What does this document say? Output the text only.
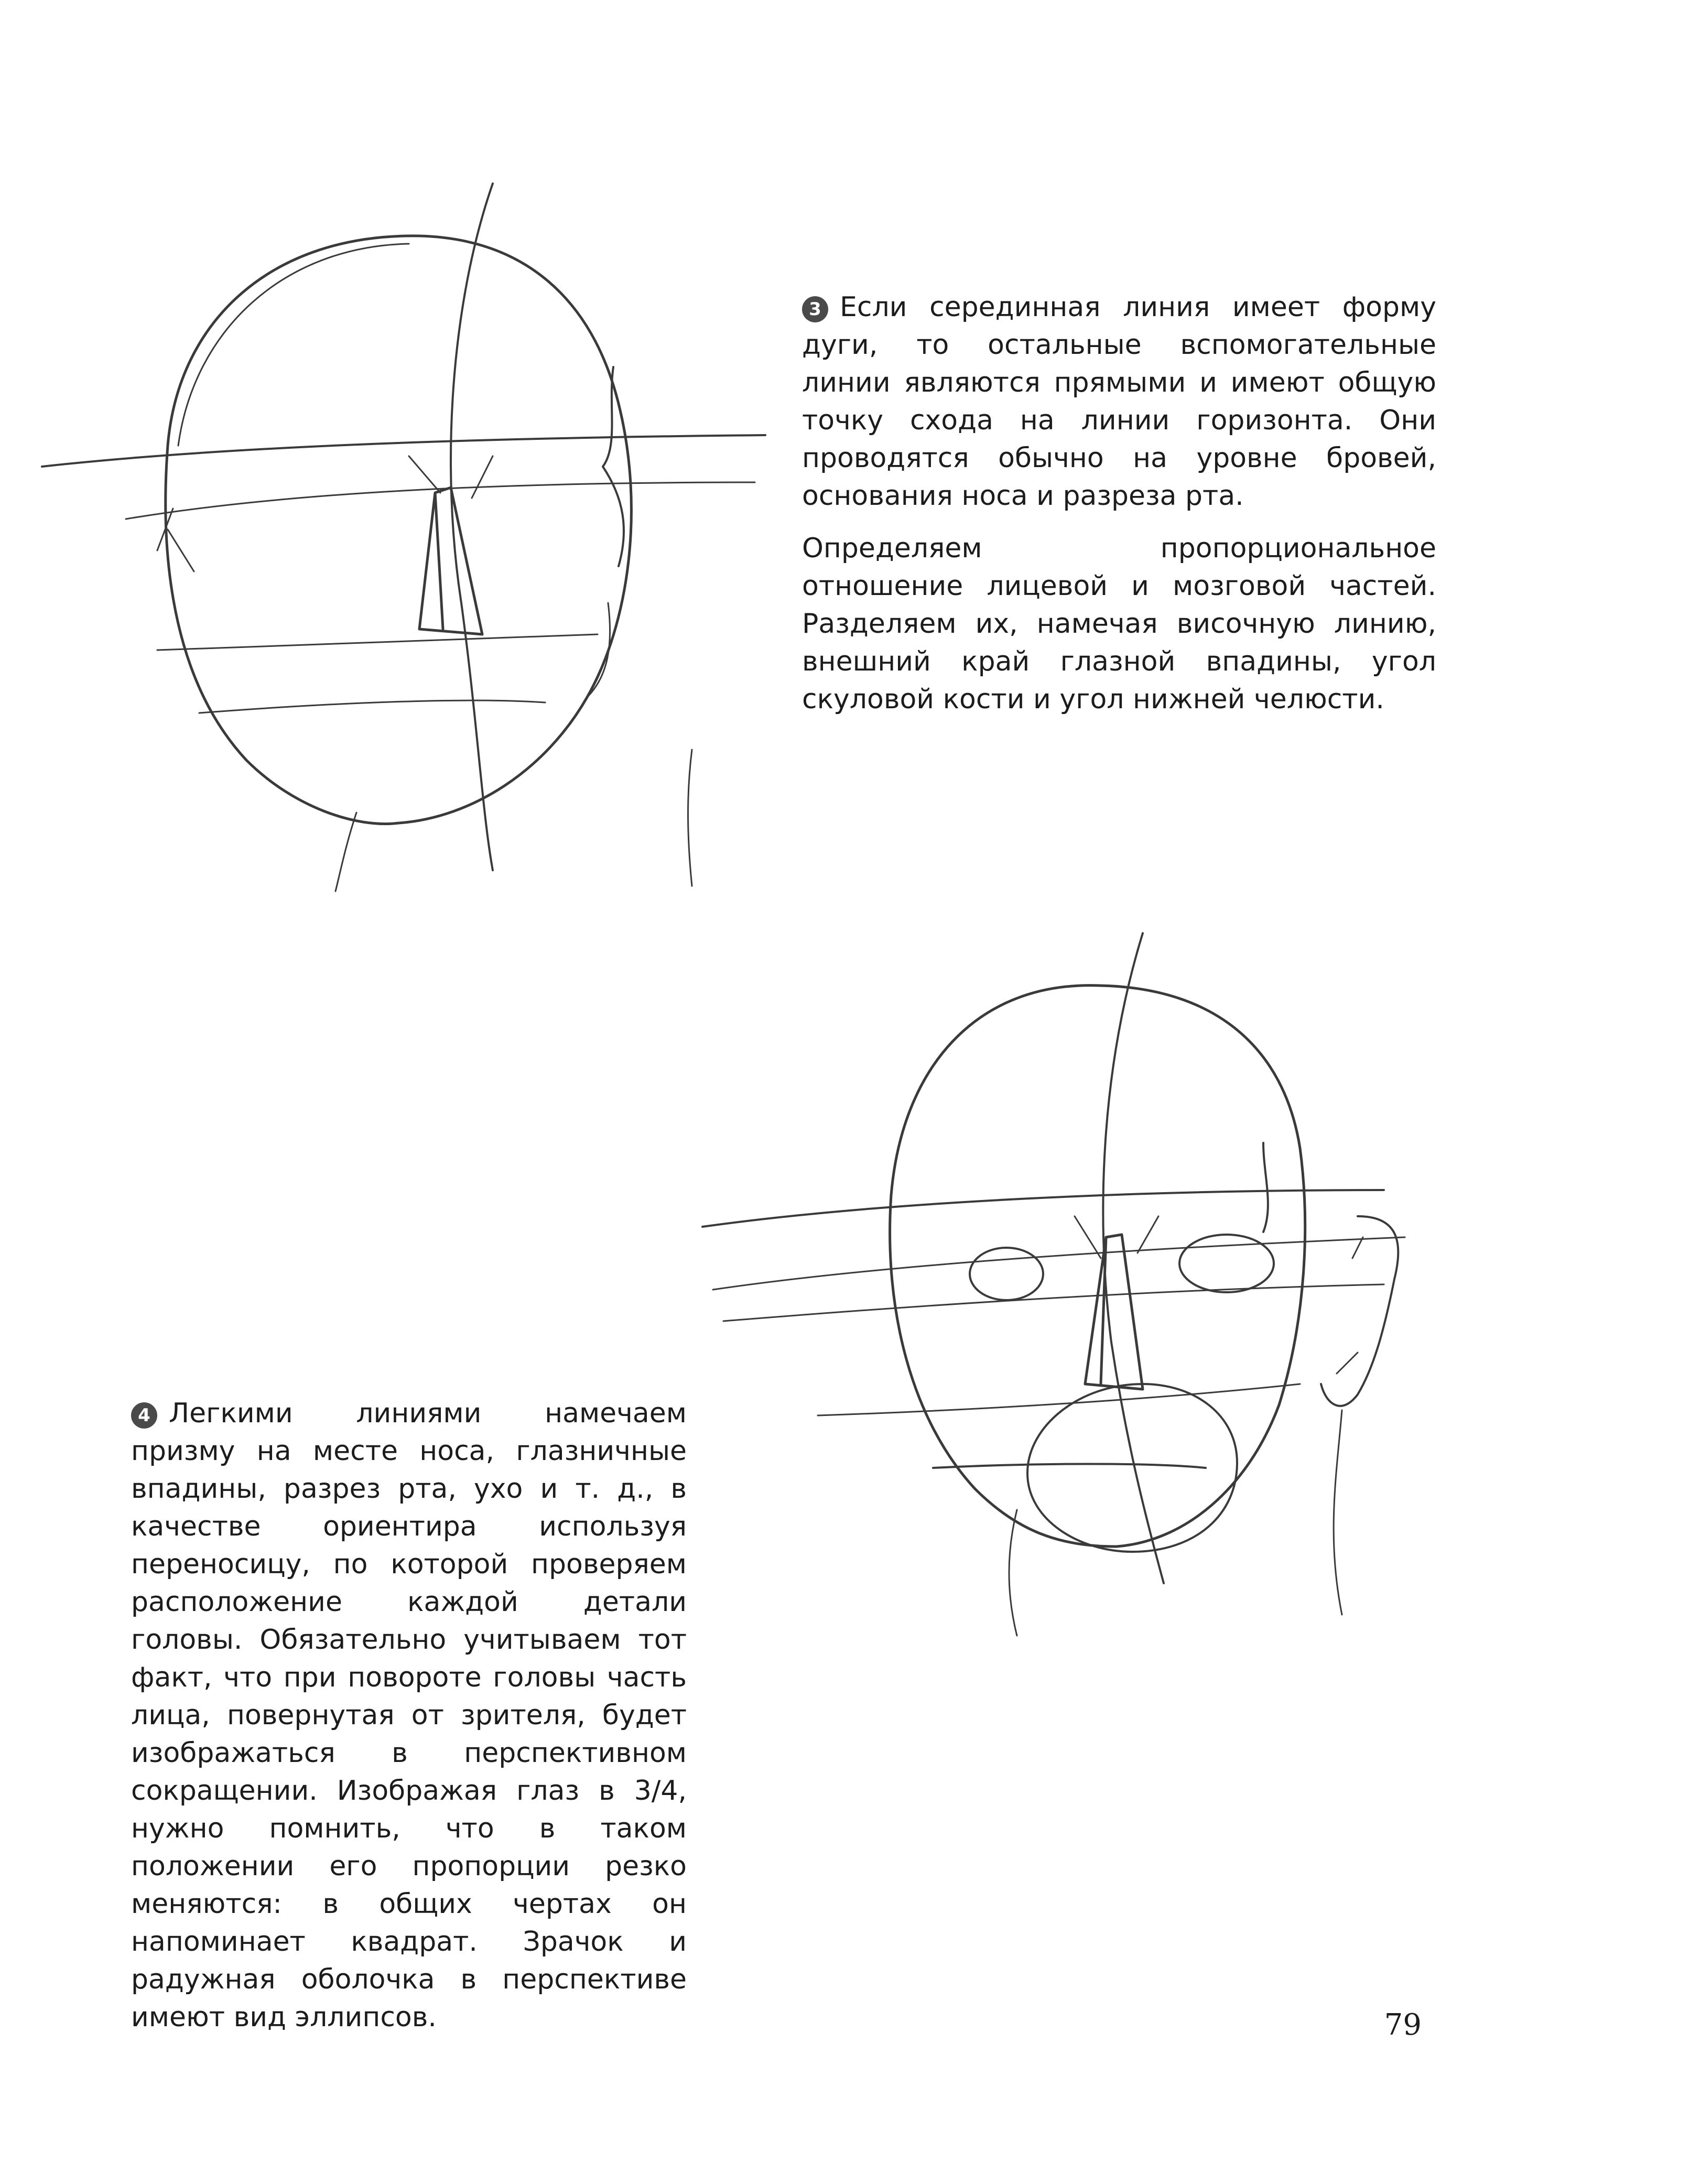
3 Если серединная линия имеет форму дуги, то остальные вспомогательные линии являются прямыми и имеют общую точку схода на линии горизонта. Они проводятся обычно на уровне бровей, основания носа и разреза рта.

Определяем пропорциональное отношение лицевой и мозговой частей. Разделяем их, намечая височную линию, внешний край глазной впадины, угол скуловой кости и угол нижней челюсти.

4 Легкими линиями намечаем призму на месте носа, глазничные впадины, разрез рта, ухо и т. д., в качестве ориентира используя переносицу, по которой проверяем расположение каждой детали головы. Обязательно учитываем тот факт, что при повороте головы часть лица, повернутая от зрителя, будет изображаться в перспективном сокращении. Изображая глаз в 3/4, нужно помнить, что в таком положении его пропорции резко меняются: в общих чертах он напоминает квадрат. Зрачок и радужная оболочка в перспективе имеют вид эллипсов.	79
